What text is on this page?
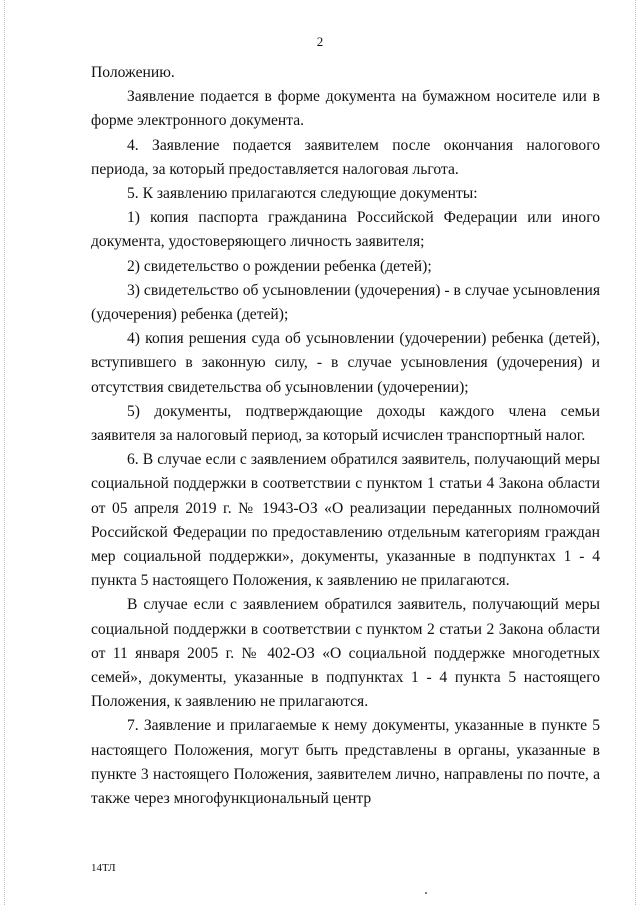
2

Положению.

Заявление подается в форме документа на бумажном носителе или в форме электронного документа.

4. Заявление подается заявителем после окончания налогового периода, за который предоставляется налоговая льгота.

5. К заявлению прилагаются следующие документы:

1) копия паспорта гражданина Российской Федерации или иного документа, удостоверяющего личность заявителя;

2) свидетельство о рождении ребенка (детей);

3) свидетельство об усыновлении (удочерения) - в случае усыновления (удочерения) ребенка (детей);

4) копия решения суда об усыновлении (удочерении) ребенка (детей), вступившего в законную силу, - в случае усыновления (удочерения) и отсутствия свидетельства об усыновлении (удочерении);

5) документы, подтверждающие доходы каждого члена семьи заявителя за налоговый период, за который исчислен транспортный налог.

6. В случае если с заявлением обратился заявитель, получающий меры социальной поддержки в соответствии с пунктом 1 статьи 4 Закона области от 05 апреля 2019 г. № 1943-ОЗ «О реализации переданных полномочий Российской Федерации по предоставлению отдельным категориям граждан мер социальной поддержки», документы, указанные в подпунктах 1 - 4 пункта 5 настоящего Положения, к заявлению не прилагаются.

В случае если с заявлением обратился заявитель, получающий меры социальной поддержки в соответствии с пунктом 2 статьи 2 Закона области от 11 января 2005 г. № 402-ОЗ «О социальной поддержке многодетных семей», документы, указанные в подпунктах 1 - 4 пункта 5 настоящего Положения, к заявлению не прилагаются.

7. Заявление и прилагаемые к нему документы, указанные в пункте 5 настоящего Положения, могут быть представлены в органы, указанные в пункте 3 настоящего Положения, заявителем лично, направлены по почте, а также через многофункциональный центр

14ТЛ
